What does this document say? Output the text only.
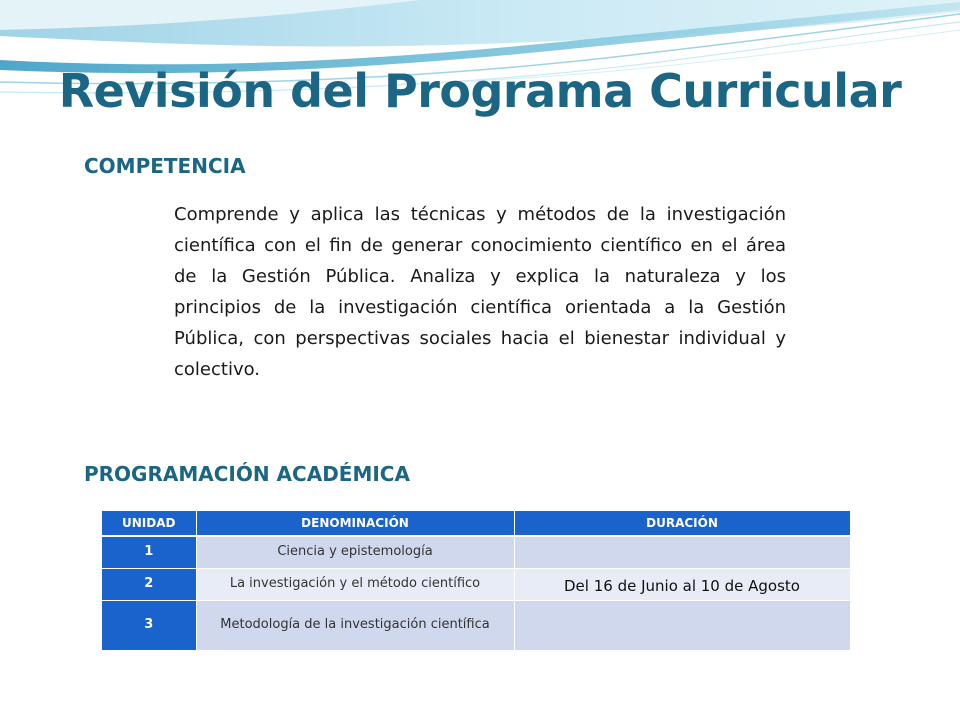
Revisión del Programa Curricular
COMPETENCIA

Comprende y aplica las técnicas y métodos de la investigación científica con el fin de generar conocimiento científico en el área de la Gestión Pública. Analiza y explica la naturaleza y los principios de la investigación científica orientada a la Gestión Pública, con perspectivas sociales hacia el bienestar individual y colectivo.

PROGRAMACIÓN ACADÉMICA
UNIDAD	DENOMINACIÓN	DURACIÓN
1	Ciencia y epistemología	
2	La investigación y el método científico	Del 16 de Junio al 10 de Agosto
3	Metodología de la investigación científica	
